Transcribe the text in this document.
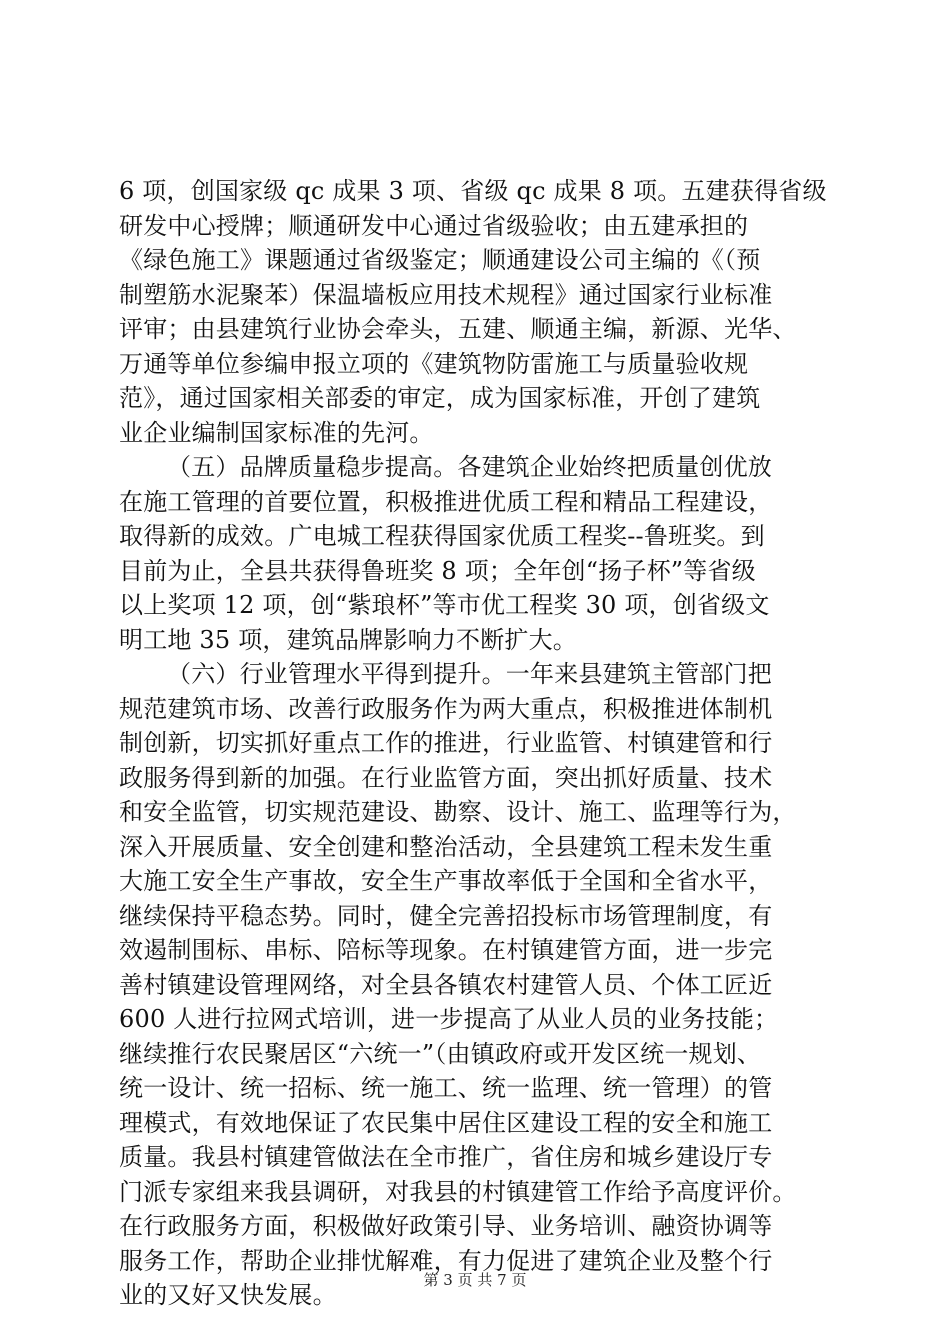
6 项，创国家级 qc 成果 3 项、省级 qc 成果 8 项。五建获得省级
研发中心授牌；顺通研发中心通过省级验收；由五建承担的
《绿色施工》课题通过省级鉴定；顺通建设公司主编的《（预
制塑筋水泥聚苯）保温墙板应用技术规程》通过国家行业标准
评审；由县建筑行业协会牵头，五建、顺通主编，新源、光华、
万通等单位参编申报立项的《建筑物防雷施工与质量验收规
范》，通过国家相关部委的审定，成为国家标准，开创了建筑
业企业编制国家标准的先河。
（五）品牌质量稳步提高。各建筑企业始终把质量创优放
在施工管理的首要位置，积极推进优质工程和精品工程建设，
取得新的成效。广电城工程获得国家优质工程奖--鲁班奖。到
目前为止，全县共获得鲁班奖 8 项；全年创“扬子杯”等省级
以上奖项 12 项，创“紫琅杯”等市优工程奖 30 项，创省级文
明工地 35 项，建筑品牌影响力不断扩大。
（六）行业管理水平得到提升。一年来县建筑主管部门把
规范建筑市场、改善行政服务作为两大重点，积极推进体制机
制创新，切实抓好重点工作的推进，行业监管、村镇建管和行
政服务得到新的加强。在行业监管方面，突出抓好质量、技术
和安全监管，切实规范建设、勘察、设计、施工、监理等行为，
深入开展质量、安全创建和整治活动，全县建筑工程未发生重
大施工安全生产事故，安全生产事故率低于全国和全省水平，
继续保持平稳态势。同时，健全完善招投标市场管理制度，有
效遏制围标、串标、陪标等现象。在村镇建管方面，进一步完
善村镇建设管理网络，对全县各镇农村建管人员、个体工匠近
600 人进行拉网式培训，进一步提高了从业人员的业务技能；
继续推行农民聚居区“六统一”（由镇政府或开发区统一规划、
统一设计、统一招标、统一施工、统一监理、统一管理）的管
理模式，有效地保证了农民集中居住区建设工程的安全和施工
质量。我县村镇建管做法在全市推广，省住房和城乡建设厅专
门派专家组来我县调研，对我县的村镇建管工作给予高度评价。
在行政服务方面，积极做好政策引导、业务培训、融资协调等
服务工作，帮助企业排忧解难，有力促进了建筑企业及整个行
业的又好又快发展。
第 3 页 共 7 页
